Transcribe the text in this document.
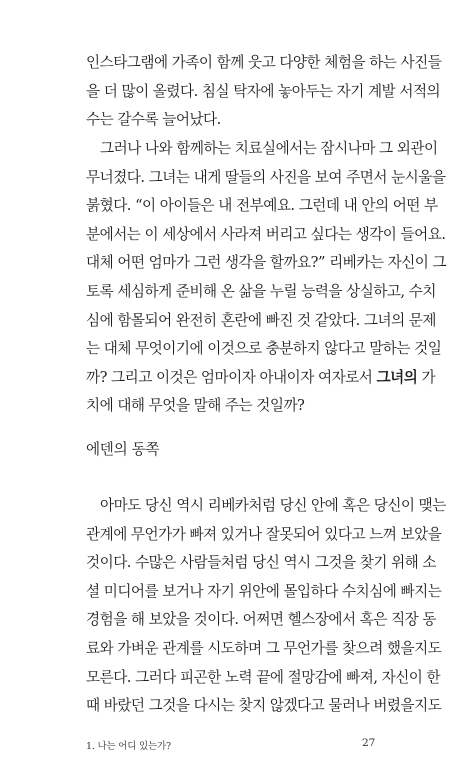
인스타그램에 가족이 함께 웃고 다양한 체험을 하는 사진들
을 더 많이 올렸다. 침실 탁자에 놓아두는 자기 계발 서적의
수는 갈수록 늘어났다.
그러나 나와 함께하는 치료실에서는 잠시나마 그 외관이
무너졌다. 그녀는 내게 딸들의 사진을 보여 주면서 눈시울을
붉혔다. “이 아이들은 내 전부예요. 그런데 내 안의 어떤 부
분에서는 이 세상에서 사라져 버리고 싶다는 생각이 들어요.
대체 어떤 엄마가 그런 생각을 할까요?” 리베카는 자신이 그
토록 세심하게 준비해 온 삶을 누릴 능력을 상실하고, 수치
심에 함몰되어 완전히 혼란에 빠진 것 같았다. 그녀의 문제
는 대체 무엇이기에 이것으로 충분하지 않다고 말하는 것일
까? 그리고 이것은 엄마이자 아내이자 여자로서 그녀의 가
치에 대해 무엇을 말해 주는 것일까?
에덴의 동쪽
아마도 당신 역시 리베카처럼 당신 안에 혹은 당신이 맺는
관계에 무언가가 빠져 있거나 잘못되어 있다고 느껴 보았을
것이다. 수많은 사람들처럼 당신 역시 그것을 찾기 위해 소
셜 미디어를 보거나 자기 위안에 몰입하다 수치심에 빠지는
경험을 해 보았을 것이다. 어쩌면 헬스장에서 혹은 직장 동
료와 가벼운 관계를 시도하며 그 무언가를 찾으려 했을지도
모른다. 그러다 피곤한 노력 끝에 절망감에 빠져, 자신이 한
때 바랐던 그것을 다시는 찾지 않겠다고 물러나 버렸을지도
1. 나는 어디 있는가?	27
